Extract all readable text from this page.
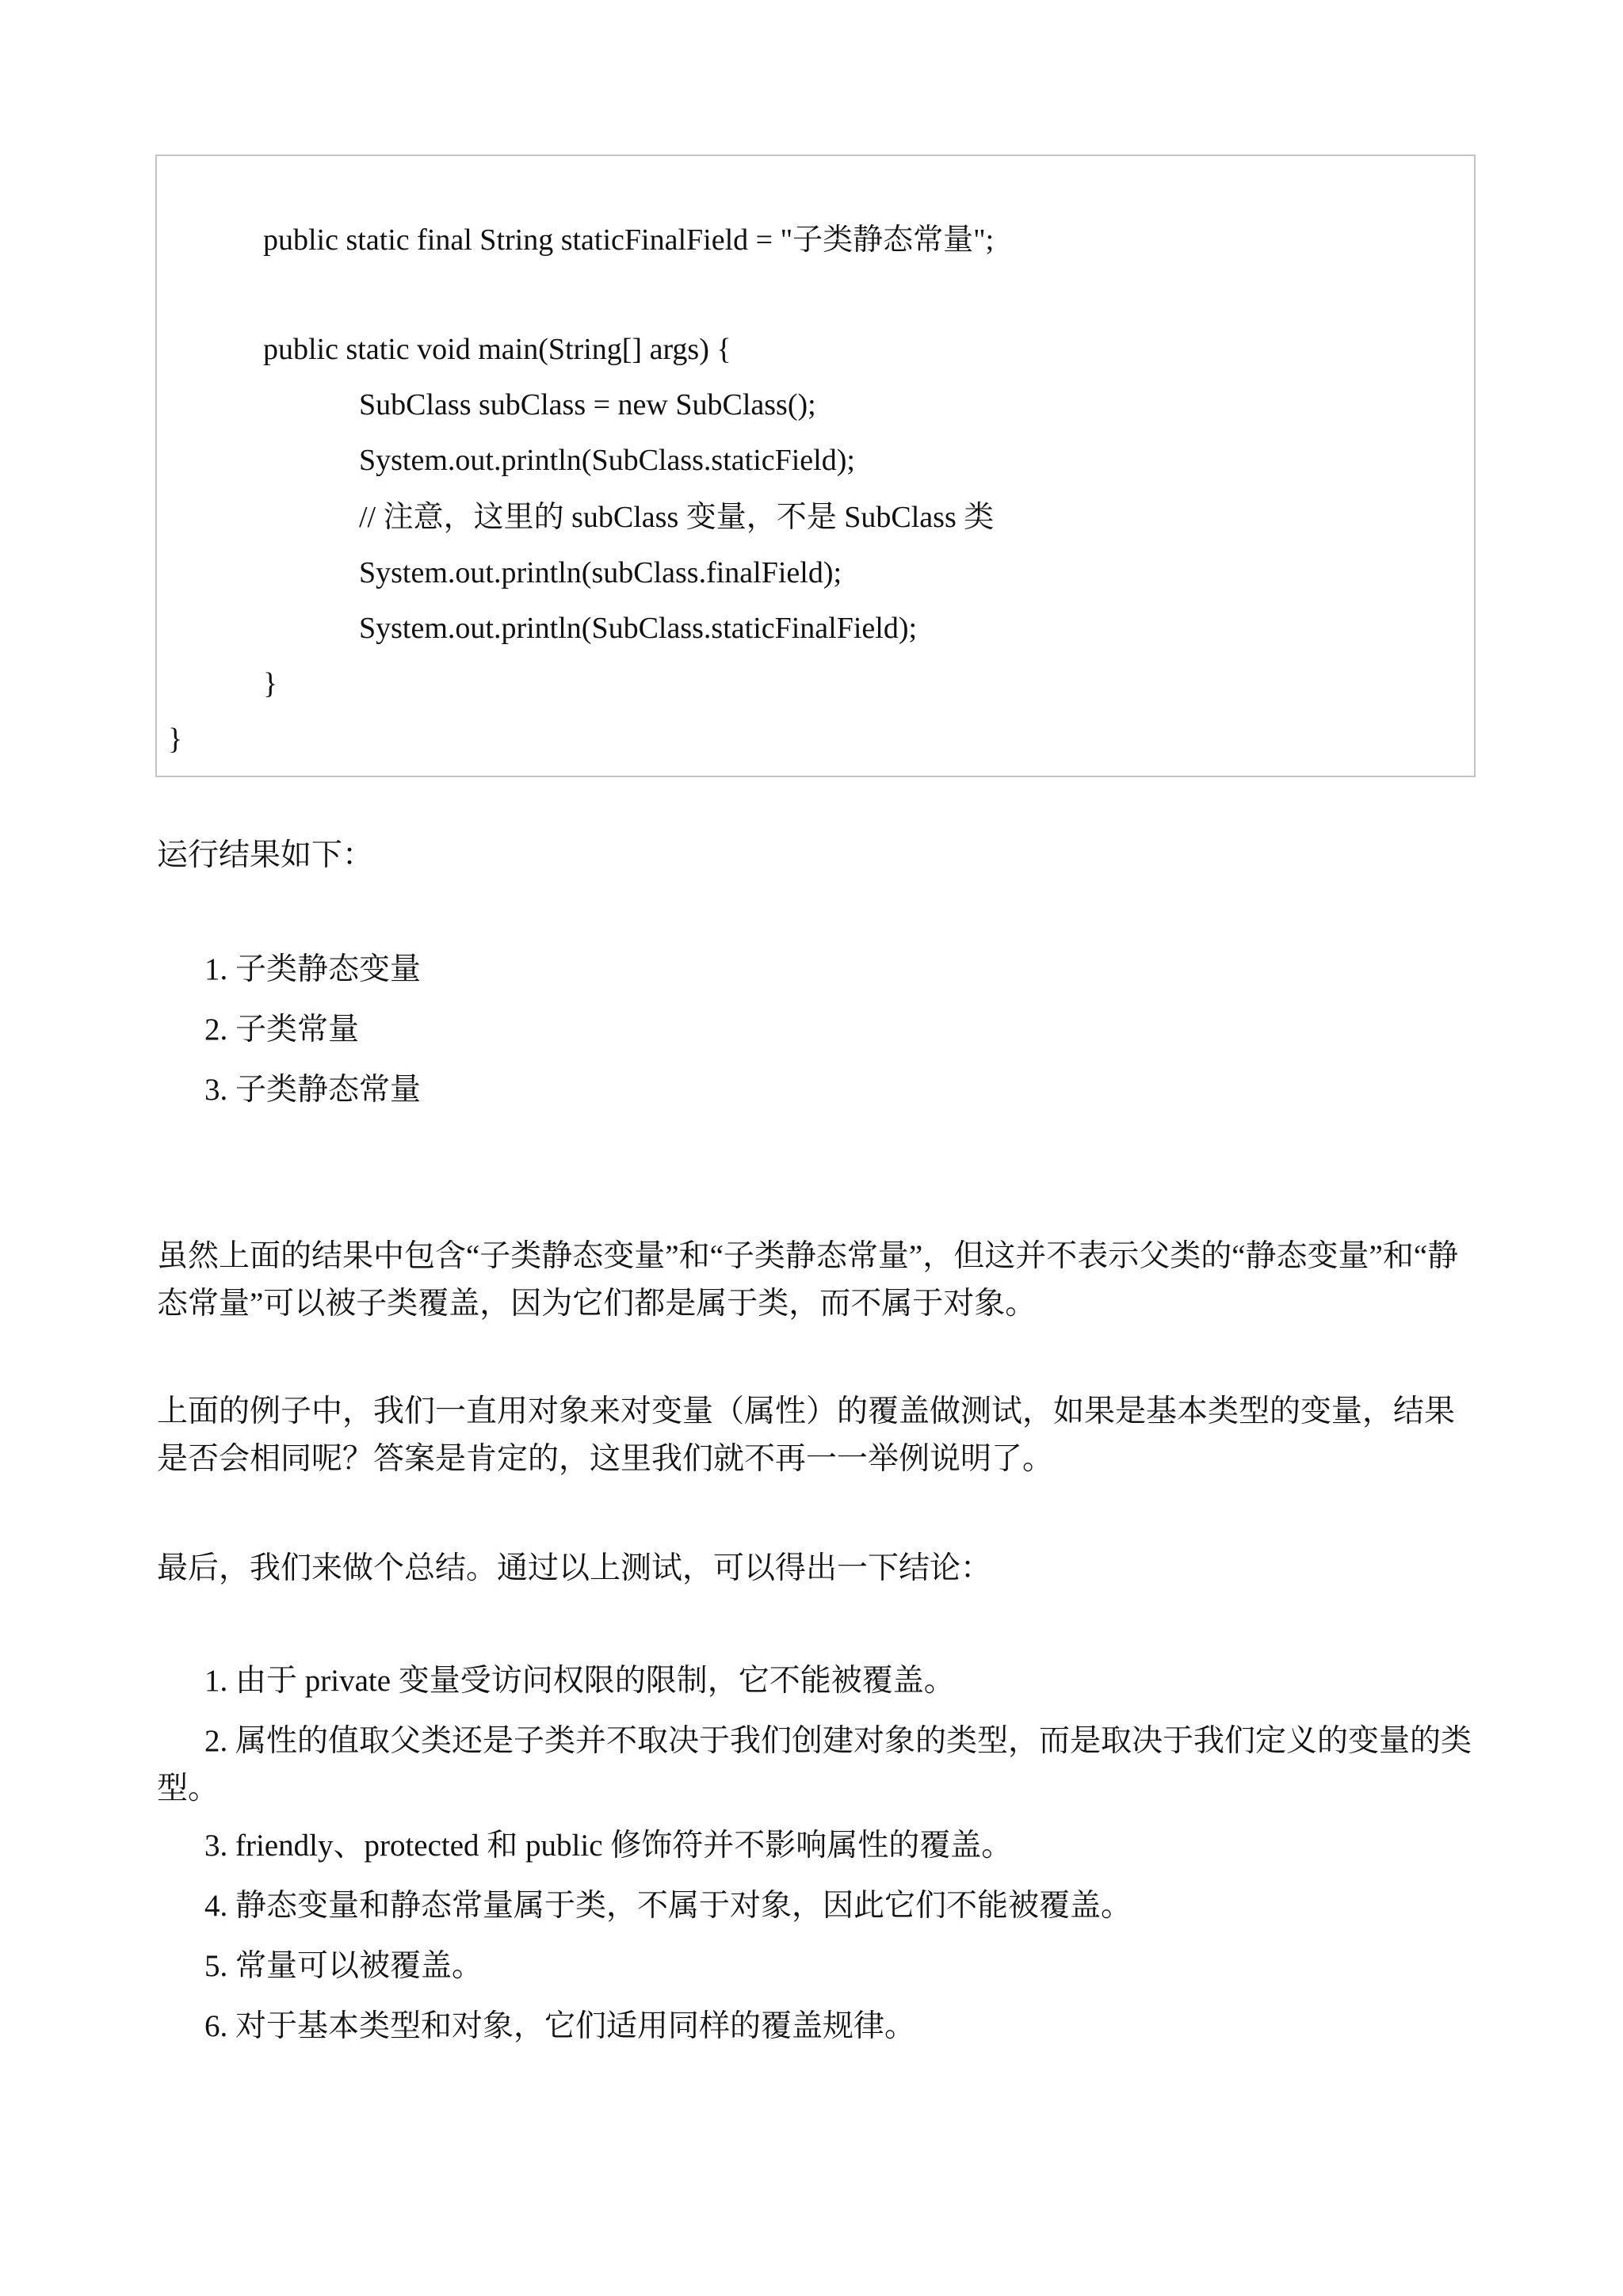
public static final String staticFinalField = "子类静态常量";
public static void main(String[] args) {
SubClass subClass = new SubClass();
System.out.println(SubClass.staticField);
// 注意，这里的 subClass 变量，不是 SubClass 类
System.out.println(subClass.finalField);
System.out.println(SubClass.staticFinalField);
}
}

运行结果如下：

1. 子类静态变量

2. 子类常量

3. 子类静态常量

虽然上面的结果中包含“子类静态变量”和“子类静态常量”，但这并不表示父类的“静态变量”和“静态常量”可以被子类覆盖，因为它们都是属于类，而不属于对象。

上面的例子中，我们一直用对象来对变量（属性）的覆盖做测试，如果是基本类型的变量，结果是否会相同呢？答案是肯定的，这里我们就不再一一举例说明了。

最后，我们来做个总结。通过以上测试，可以得出一下结论：

1. 由于 private 变量受访问权限的限制，它不能被覆盖。

2. 属性的值取父类还是子类并不取决于我们创建对象的类型，而是取决于我们定义的变量的类型。

3. friendly、protected 和 public 修饰符并不影响属性的覆盖。

4. 静态变量和静态常量属于类，不属于对象，因此它们不能被覆盖。

5. 常量可以被覆盖。

6. 对于基本类型和对象，它们适用同样的覆盖规律。
